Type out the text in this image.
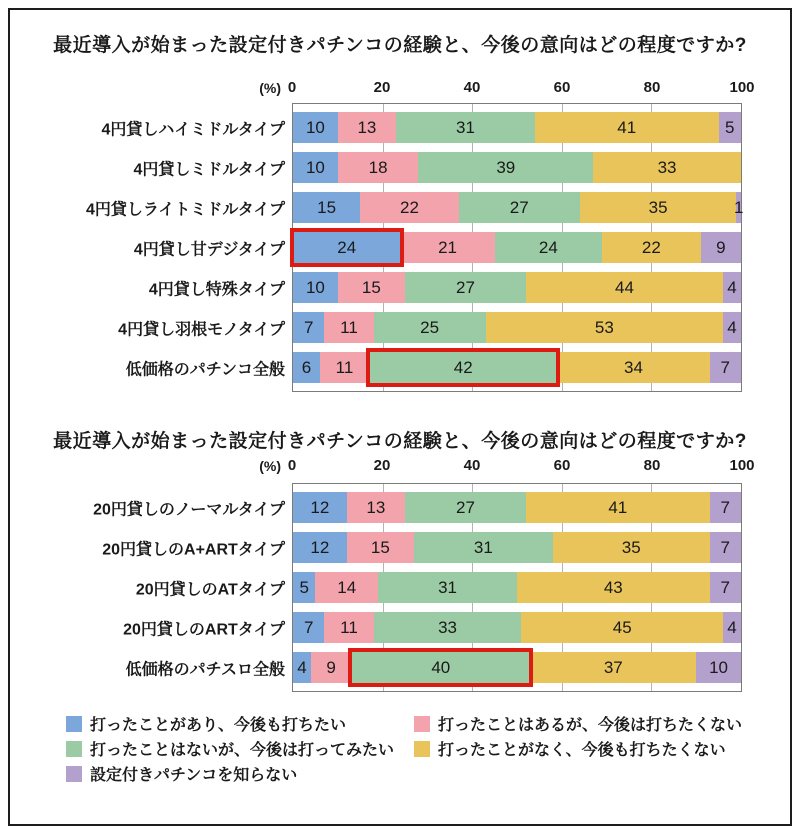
最近導入が始まった設定付きパチンコの経験と、今後の意向はどの程度ですか?
(%) 0	20	40	60	80	100
4円貸しハイミドルタイプ 10 13	31	41	5
4円貸しミドルタイプ 10	18	39	33
4円貸しライトミドルタイプ 15	22	27	35	1
4円貸し甘デジタイプ	24	21	24	22	9
4円貸し特殊タイプ 10 15	27	44	4
4円貸し羽根モノタイプ 7 11	25	53	4
低価格のパチンコ全般 6 11	42	34	7
最近導入が始まった設定付きパチンコの経験と、今後の意向はどの程度ですか?
(%) 0	20	40	60	80	100
20円貸しのノーマルタイプ 12 13	27	41	7
20円貸しのA+ARTタイプ 12 15	31	35	7
20円貸しのATタイプ 5 14	31	43	7
20円貸しのARTタイプ 7 11	33	45	4
低価格のパチスロ全般 4 9	40	37	10
打ったことがあり、今後も打ちたい
打ったことはないが、今後は打ってみたい
設定付きパチンコを知らない
打ったことはあるが、今後は打ちたくない
打ったことがなく、今後も打ちたくない
